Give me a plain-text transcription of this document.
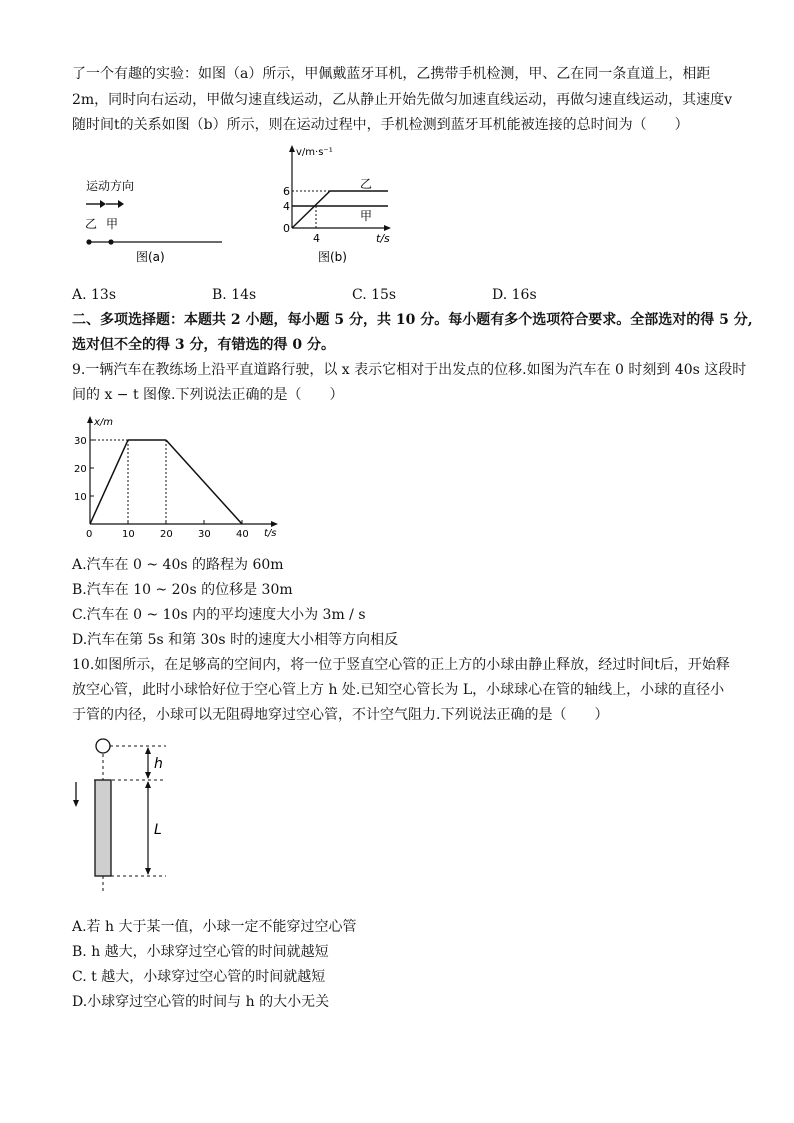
了一个有趣的实验：如图（a）所示，甲佩戴蓝牙耳机，乙携带手机检测，甲、乙在同一条直道上，相距
2m，同时向右运动，甲做匀速直线运动，乙从静止开始先做匀加速直线运动，再做匀速直线运动，其速度v
随时间t的关系如图（b）所示，则在运动过程中，手机检测到蓝牙耳机能被连接的总时间为（　　）
运动方向
乙 甲
图(a)
v/m·s⁻¹
t/s
6
4
0
4
乙
甲
图(b)
A. 13s	B. 14s	C. 15s	D. 16s
二、多项选择题：本题共 2 小题，每小题 5 分，共 10 分。每小题有多个选项符合要求。全部选对的得 5 分,
选对但不全的得 3 分，有错选的得 0 分。
9.一辆汽车在教练场上沿平直道路行驶，以 x 表示它相对于出发点的位移.如图为汽车在 0 时刻到 40s 这段时
间的 x − t 图像.下列说法正确的是（　　）
x/m
t/s
10
20
30
0	10	20	30	40
A.汽车在 0 ~ 40s 的路程为 60m
B.汽车在 10 ~ 20s 的位移是 30m
C.汽车在 0 ~ 10s 内的平均速度大小为 3m / s
D.汽车在第 5s 和第 30s 时的速度大小相等方向相反
10.如图所示，在足够高的空间内，将一位于竖直空心管的正上方的小球由静止释放，经过时间t后，开始释
放空心管，此时小球恰好位于空心管上方 h 处.已知空心管长为 L，小球球心在管的轴线上，小球的直径小
于管的内径，小球可以无阻碍地穿过空心管，不计空气阻力.下列说法正确的是（　　）
h
L
A.若 h 大于某一值，小球一定不能穿过空心管
B. h 越大，小球穿过空心管的时间就越短
C. t 越大，小球穿过空心管的时间就越短
D.小球穿过空心管的时间与 h 的大小无关
